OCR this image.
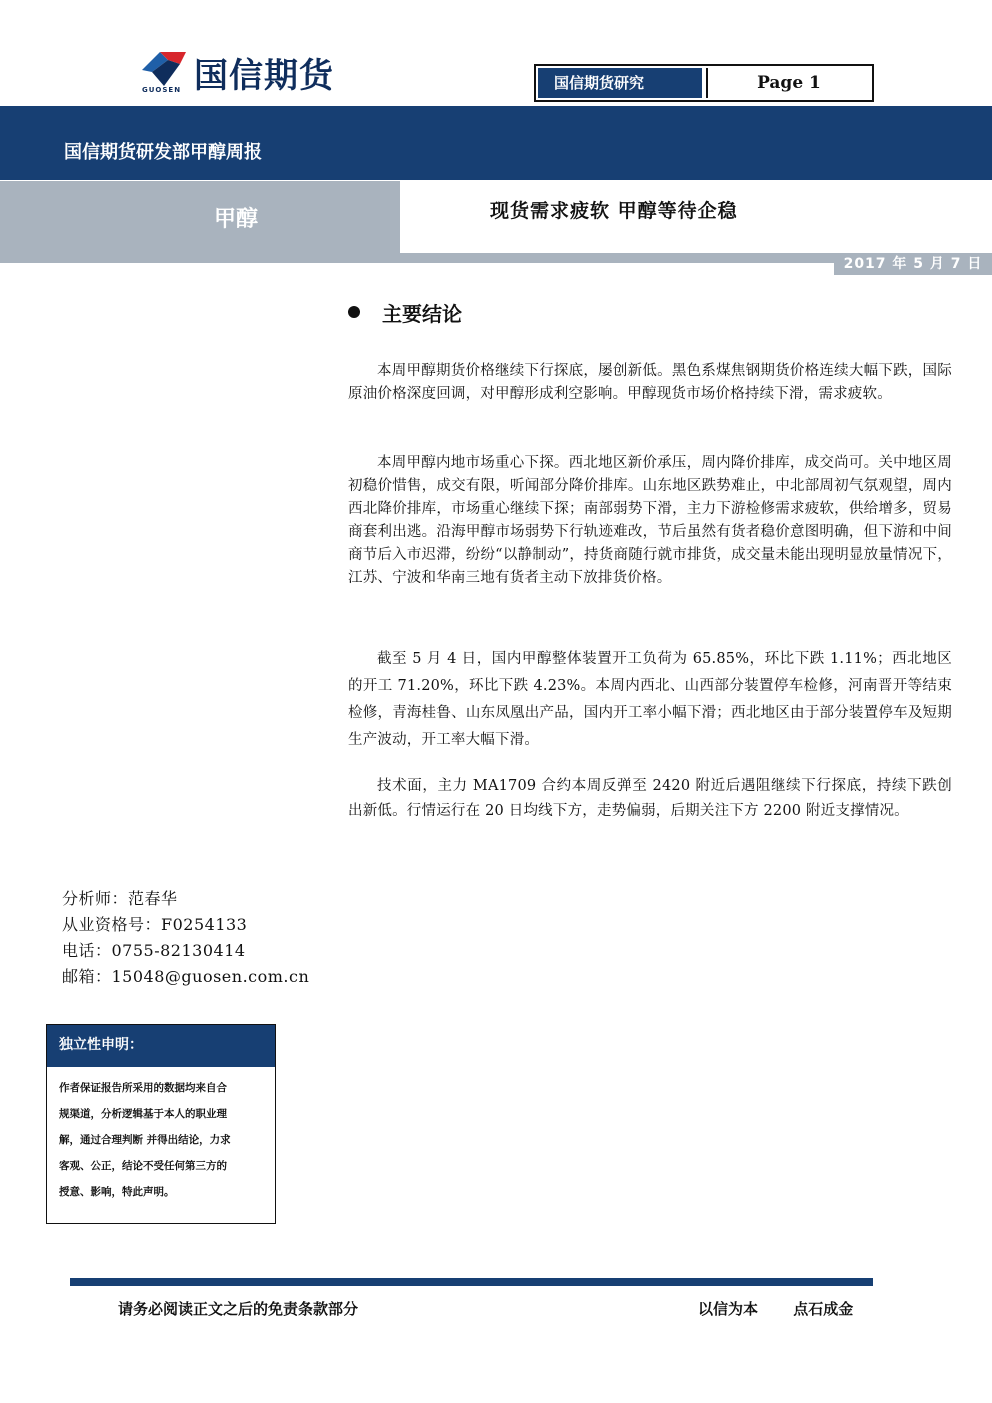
国信期货
GUOSEN	国信期货研究	Page 1
国信期货研发部甲醇周报
甲醇	现货需求疲软 甲醇等待企稳
2017 年 5 月 7 日
主要结论
本周甲醇期货价格继续下行探底，屡创新低。黑色系煤焦钢期货价格连续大幅下跌，国际原油价格深度回调，对甲醇形成利空影响。甲醇现货市场价格持续下滑，需求疲软。
本周甲醇内地市场重心下探。西北地区新价承压，周内降价排库，成交尚可。关中地区周初稳价惜售，成交有限，听闻部分降价排库。山东地区跌势难止，中北部周初气氛观望，周内西北降价排库，市场重心继续下探；南部弱势下滑，主力下游检修需求疲软，供给增多，贸易商套利出逃。沿海甲醇市场弱势下行轨迹难改，节后虽然有货者稳价意图明确，但下游和中间商节后入市迟滞，纷纷“以静制动”，持货商随行就市排货，成交量未能出现明显放量情况下，江苏、宁波和华南三地有货者主动下放排货价格。
截至 5 月 4 日，国内甲醇整体装置开工负荷为 65.85%，环比下跌 1.11%；西北地区的开工 71.20%，环比下跌 4.23%。本周内西北、山西部分装置停车检修，河南晋开等结束检修，青海桂鲁、山东凤凰出产品，国内开工率小幅下滑；西北地区由于部分装置停车及短期生产波动，开工率大幅下滑。
技术面，主力 MA1709 合约本周反弹至 2420 附近后遇阻继续下行探底，持续下跌创出新低。行情运行在 20 日均线下方，走势偏弱，后期关注下方 2200 附近支撑情况。
分析师：范春华
从业资格号：F0254133
电话：0755-82130414
邮箱：15048@guosen.com.cn
独立性申明：
作者保证报告所采用的数据均来自合
规渠道，分析逻辑基于本人的职业理
解，通过合理判断 并得出结论，力求
客观、公正，结论不受任何第三方的
授意、影响，特此声明。
请务必阅读正文之后的免责条款部分	以信为本 点石成金
